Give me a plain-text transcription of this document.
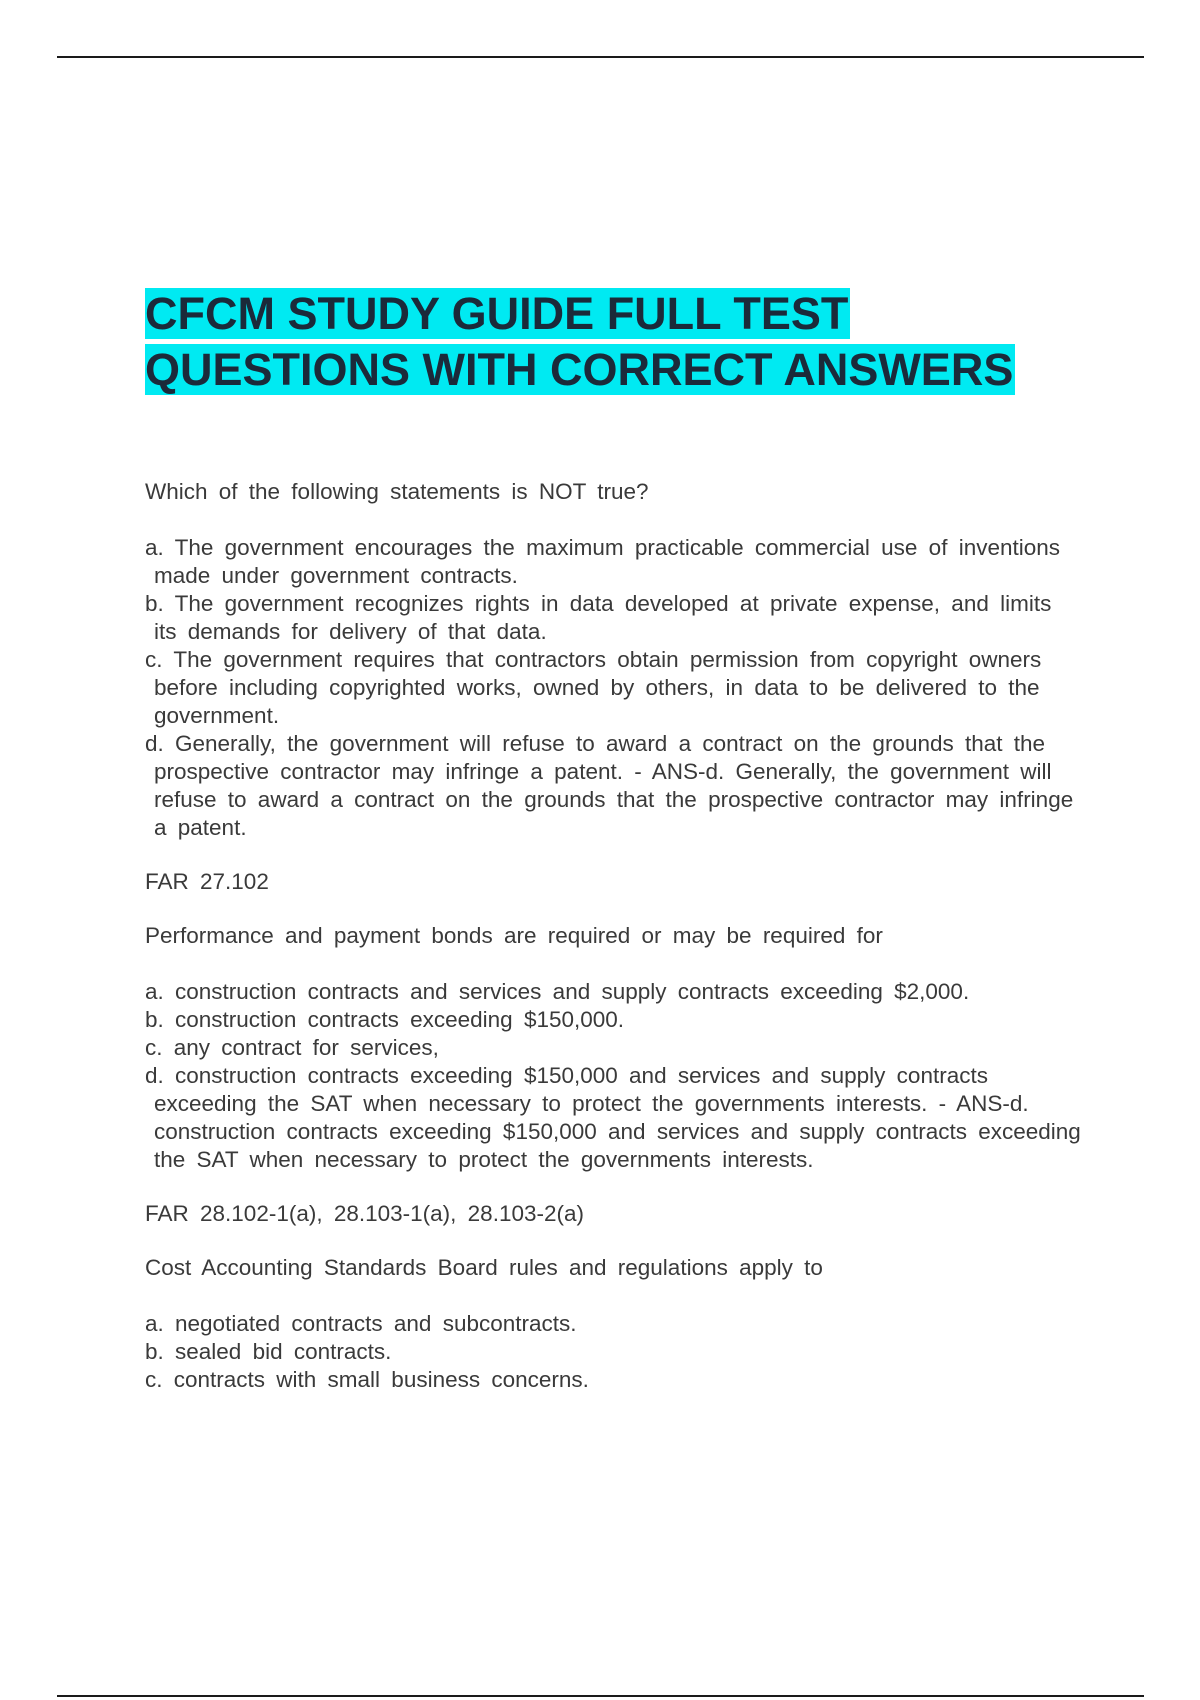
CFCM STUDY GUIDE FULL TEST
QUESTIONS WITH CORRECT ANSWERS

Which of the following statements is NOT true?

a. The government encourages the maximum practicable commercial use of inventions made under government contracts.

b. The government recognizes rights in data developed at private expense, and limits its demands for delivery of that data.

c. The government requires that contractors obtain permission from copyright owners before including copyrighted works, owned by others, in data to be delivered to the government.

d. Generally, the government will refuse to award a contract on the grounds that the prospective contractor may infringe a patent. - ANS-d. Generally, the government will refuse to award a contract on the grounds that the prospective contractor may infringe a patent.

FAR 27.102

Performance and payment bonds are required or may be required for

a. construction contracts and services and supply contracts exceeding $2,000.

b. construction contracts exceeding $150,000.

c. any contract for services,

d. construction contracts exceeding $150,000 and services and supply contracts exceeding the SAT when necessary to protect the governments interests. - ANS-d. construction contracts exceeding $150,000 and services and supply contracts exceeding the SAT when necessary to protect the governments interests.

FAR 28.102-1(a), 28.103-1(a), 28.103-2(a)

Cost Accounting Standards Board rules and regulations apply to

a. negotiated contracts and subcontracts.

b. sealed bid contracts.

c. contracts with small business concerns.
